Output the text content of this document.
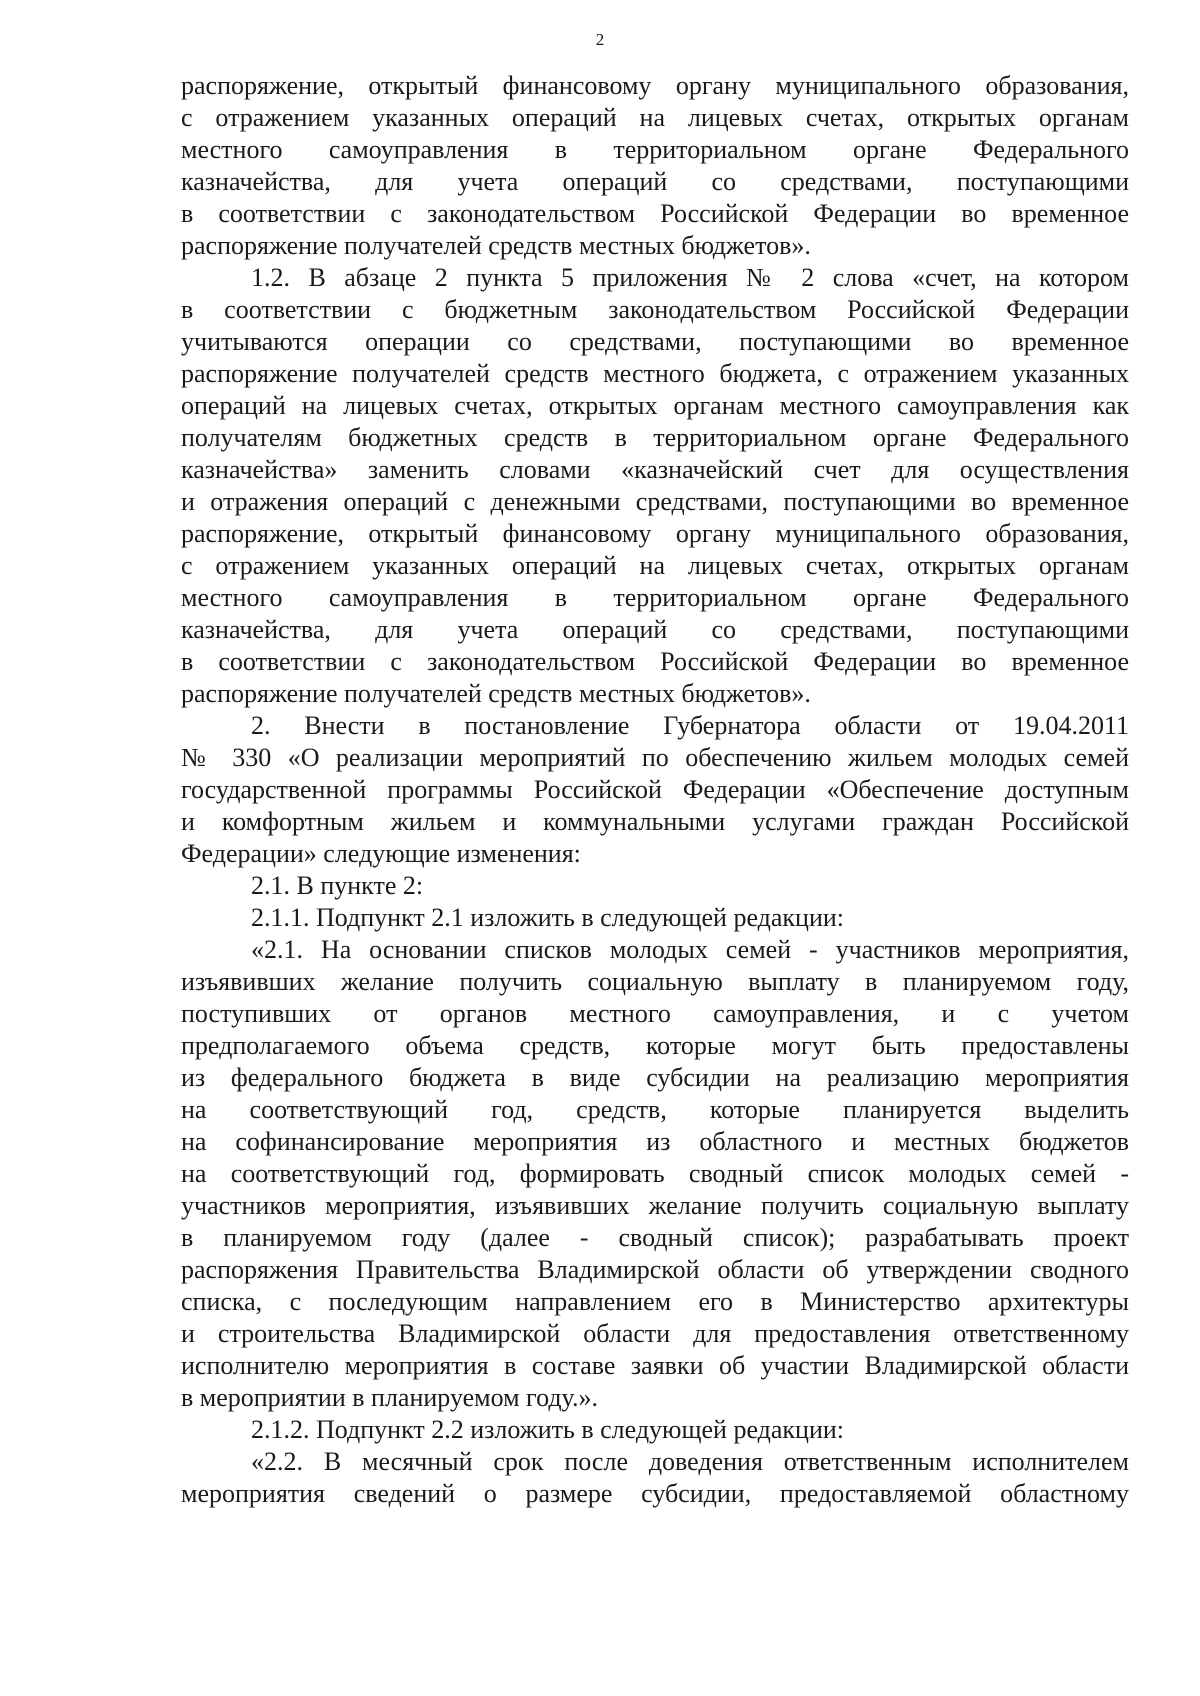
2
распоряжение, открытый финансовому органу муниципального образования,
с отражением указанных операций на лицевых счетах, открытых органам
местного самоуправления в территориальном органе Федерального
казначейства, для учета операций со средствами, поступающими
в соответствии с законодательством Российской Федерации во временное
распоряжение получателей средств местных бюджетов».
1.2. В абзаце 2 пункта 5 приложения № 2 слова «счет, на котором
в соответствии с бюджетным законодательством Российской Федерации
учитываются операции со средствами, поступающими во временное
распоряжение получателей средств местного бюджета, с отражением указанных
операций на лицевых счетах, открытых органам местного самоуправления как
получателям бюджетных средств в территориальном органе Федерального
казначейства» заменить словами «казначейский счет для осуществления
и отражения операций с денежными средствами, поступающими во временное
распоряжение, открытый финансовому органу муниципального образования,
с отражением указанных операций на лицевых счетах, открытых органам
местного самоуправления в территориальном органе Федерального
казначейства, для учета операций со средствами, поступающими
в соответствии с законодательством Российской Федерации во временное
распоряжение получателей средств местных бюджетов».
2. Внести в постановление Губернатора области от 19.04.2011
№ 330 «О реализации мероприятий по обеспечению жильем молодых семей
государственной программы Российской Федерации «Обеспечение доступным
и комфортным жильем и коммунальными услугами граждан Российской
Федерации» следующие изменения:
2.1. В пункте 2:
2.1.1. Подпункт 2.1 изложить в следующей редакции:
«2.1. На основании списков молодых семей - участников мероприятия,
изъявивших желание получить социальную выплату в планируемом году,
поступивших от органов местного самоуправления, и с учетом
предполагаемого объема средств, которые могут быть предоставлены
из федерального бюджета в виде субсидии на реализацию мероприятия
на соответствующий год, средств, которые планируется выделить
на софинансирование мероприятия из областного и местных бюджетов
на соответствующий год, формировать сводный список молодых семей -
участников мероприятия, изъявивших желание получить социальную выплату
в планируемом году (далее - сводный список); разрабатывать проект
распоряжения Правительства Владимирской области об утверждении сводного
списка, с последующим направлением его в Министерство архитектуры
и строительства Владимирской области для предоставления ответственному
исполнителю мероприятия в составе заявки об участии Владимирской области
в мероприятии в планируемом году.».
2.1.2. Подпункт 2.2 изложить в следующей редакции:
«2.2. В месячный срок после доведения ответственным исполнителем
мероприятия сведений о размере субсидии, предоставляемой областному
